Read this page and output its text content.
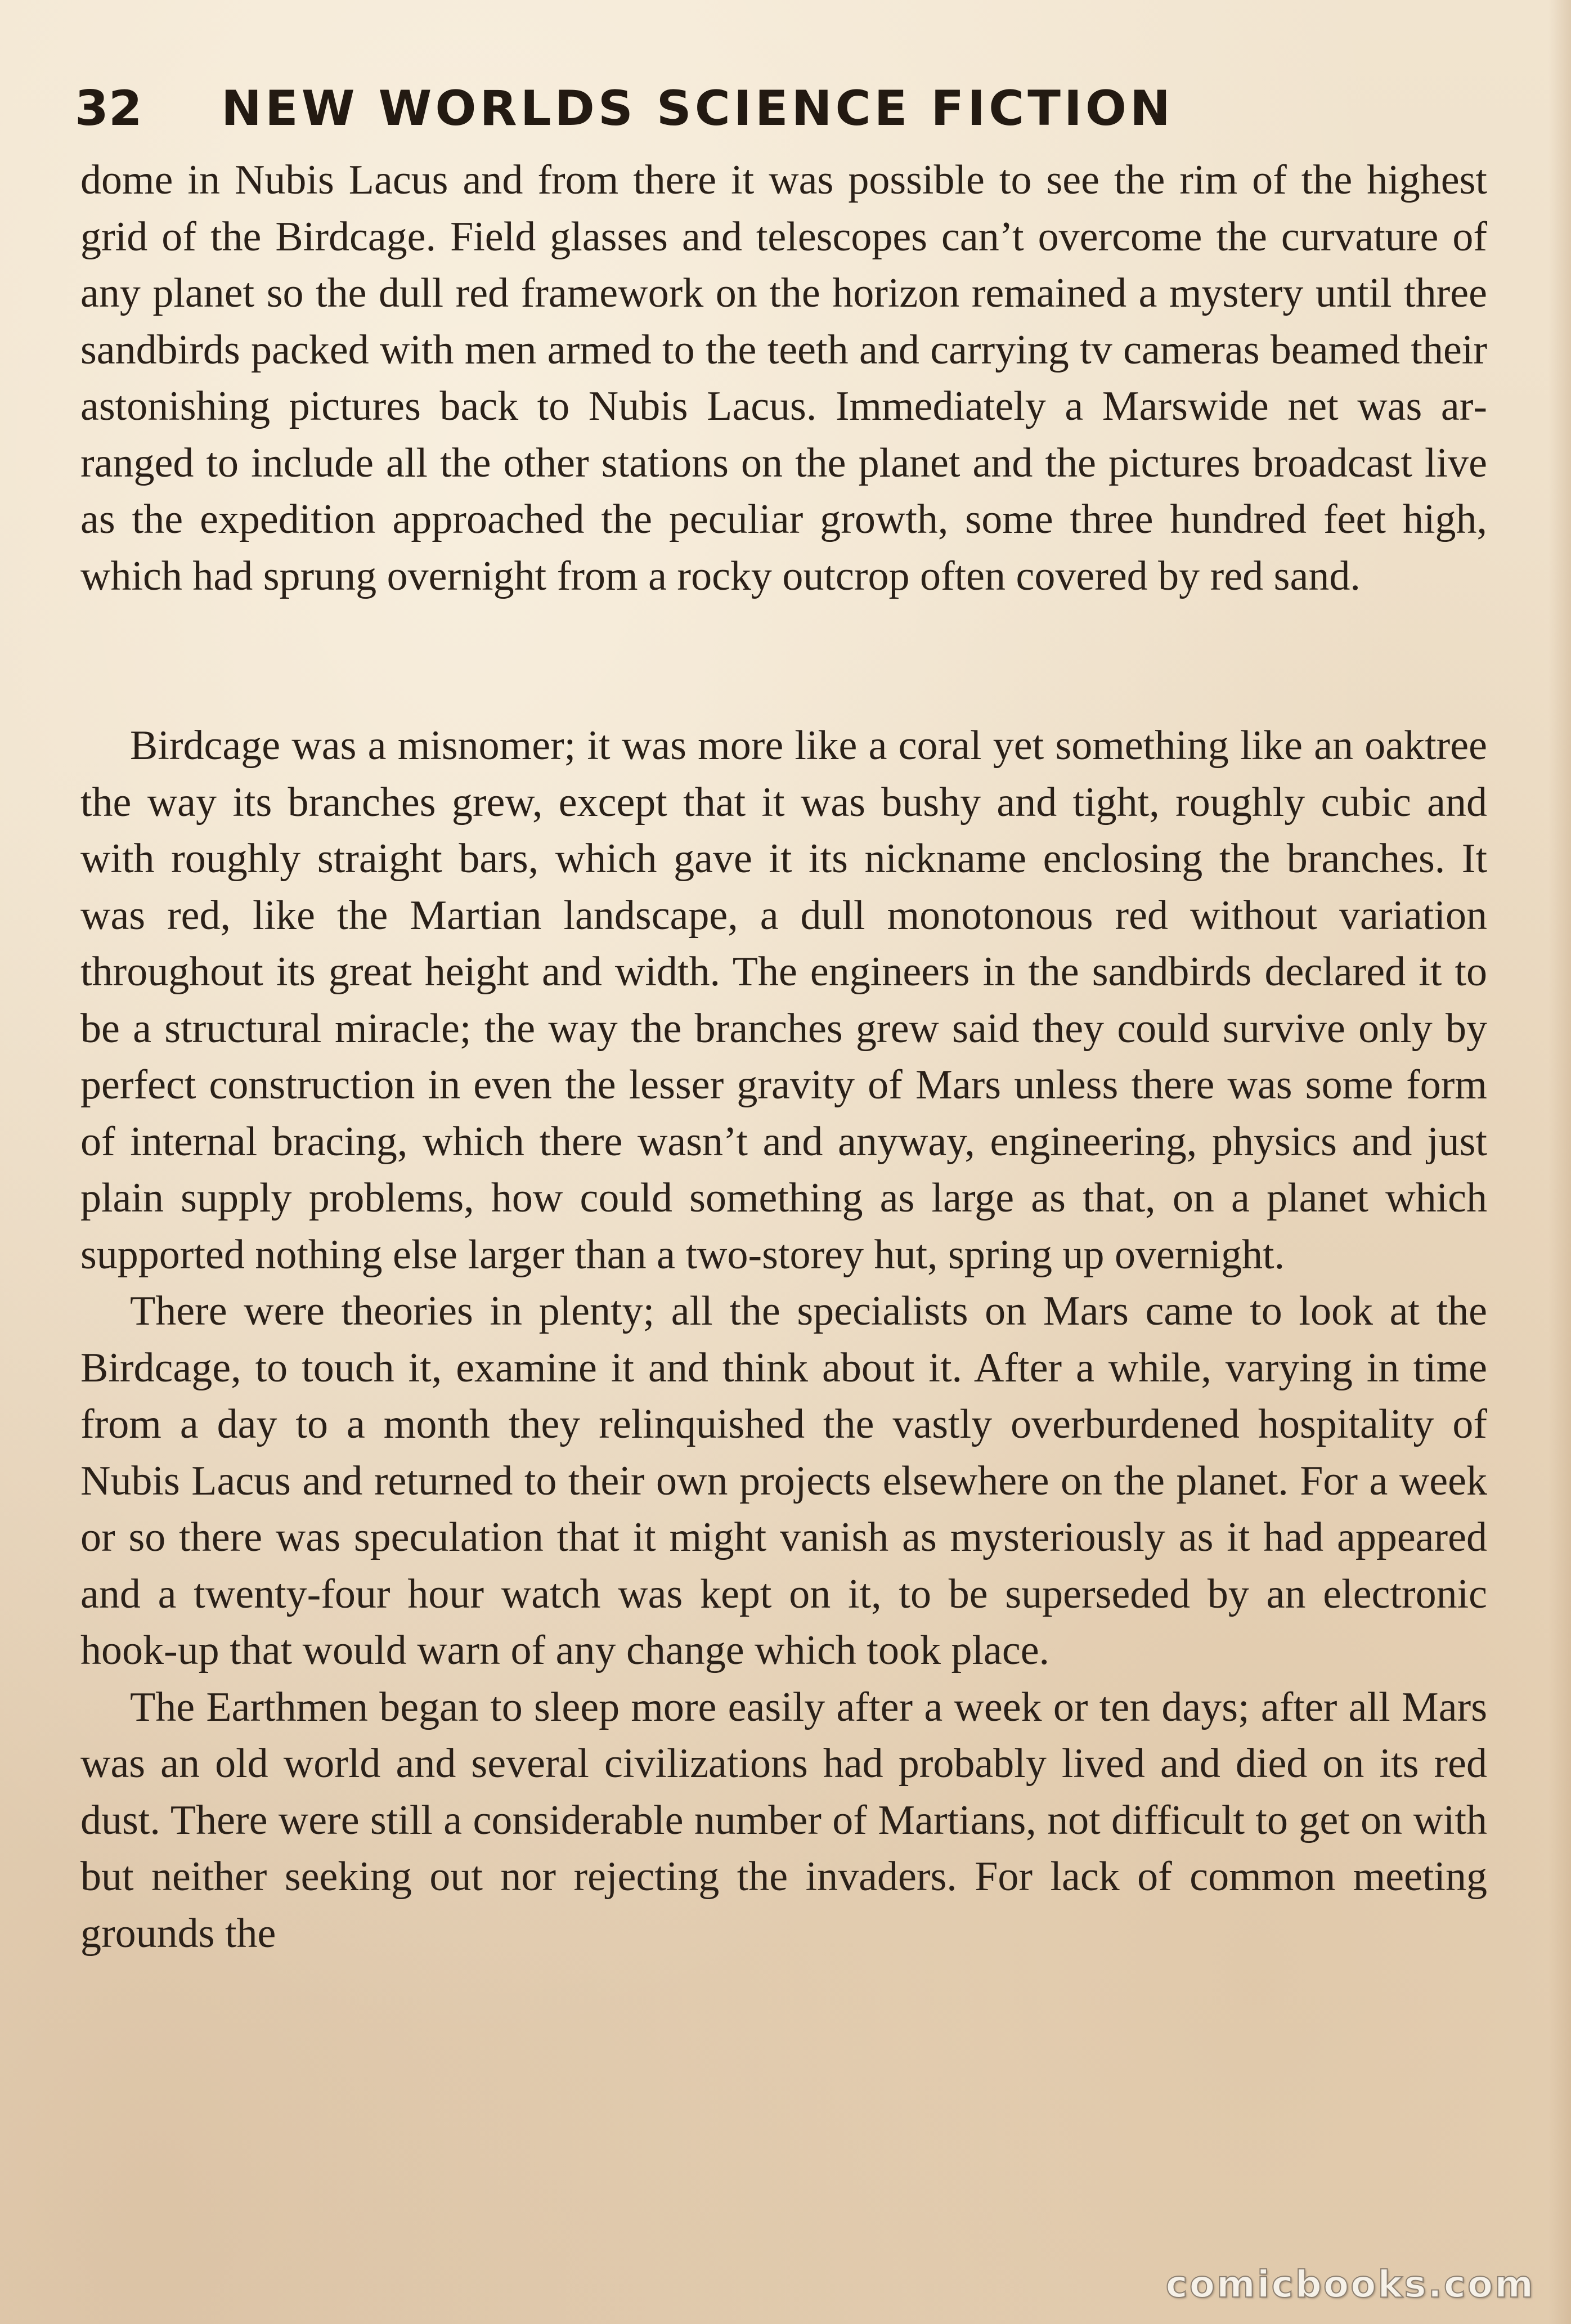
32 NEW WORLDS SCIENCE FICTION

dome in Nubis Lacus and from there it was possible to see the rim of the highest grid of the Birdcage. Field glasses and telescopes can’t overcome the curvature of any planet so the dull red framework on the horizon remained a mystery until three sandbirds packed with men armed to the teeth and carrying tv cameras beamed their astonishing pictures back to Nubis Lacus. Immediately a Marswide net was arranged to include all the other stations on the planet and the pictures broadcast live as the expedition approached the peculiar growth, some three hundred feet high, which had sprung overnight from a rocky outcrop often covered by red sand.

Birdcage was a misnomer; it was more like a coral yet something like an oaktree the way its branches grew, except that it was bushy and tight, roughly cubic and with roughly straight bars, which gave it its nickname enclosing the branches. It was red, like the Martian landscape, a dull monotonous red without variation throughout its great height and width. The engineers in the sandbirds declared it to be a structural miracle; the way the branches grew said they could survive only by perfect construction in even the lesser gravity of Mars unless there was some form of internal bracing, which there wasn’t and anyway, engineering, physics and just plain supply problems, how could something as large as that, on a planet which supported nothing else larger than a two-storey hut, spring up overnight.

There were theories in plenty; all the specialists on Mars came to look at the Birdcage, to touch it, examine it and think about it. After a while, varying in time from a day to a month they relinquished the vastly overburdened hospitality of Nubis Lacus and returned to their own projects elsewhere on the planet. For a week or so there was speculation that it might vanish as mysteriously as it had appeared and a twenty-four hour watch was kept on it, to be superseded by an electronic hook-up that would warn of any change which took place.

The Earthmen began to sleep more easily after a week or ten days; after all Mars was an old world and several civilizations had probably lived and died on its red dust. There were still a considerable number of Martians, not difficult to get on with but neither seeking out nor rejecting the invaders. For lack of common meeting grounds the

comicbooks.com
